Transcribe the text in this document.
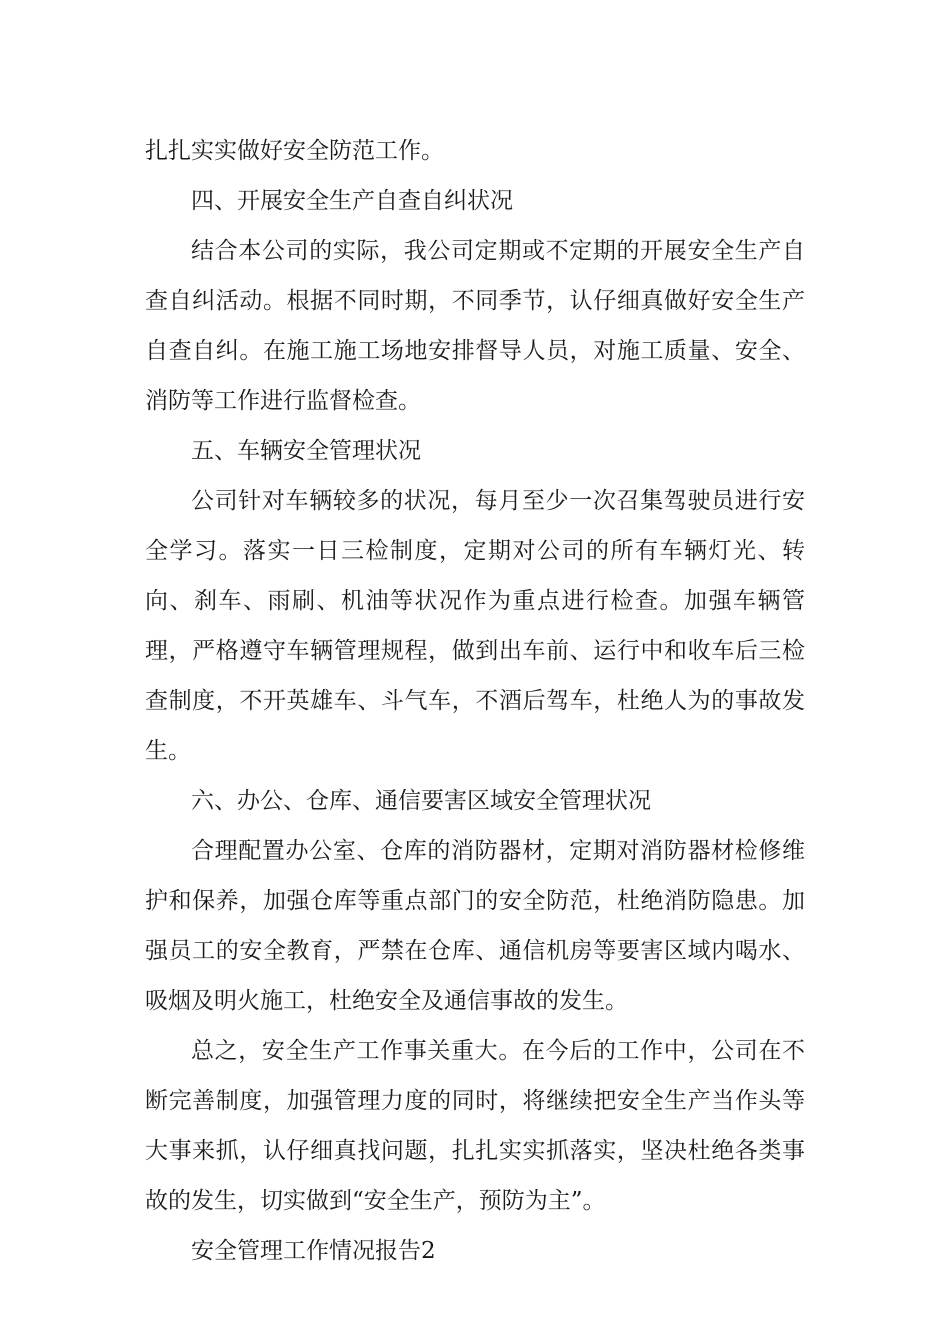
扎扎实实做好安全防范工作。

四、开展安全生产自查自纠状况

结合本公司的实际，我公司定期或不定期的开展安全生产自查自纠活动。根据不同时期，不同季节，认仔细真做好安全生产自查自纠。在施工施工场地安排督导人员，对施工质量、安全、消防等工作进行监督检查。

五、车辆安全管理状况

公司针对车辆较多的状况，每月至少一次召集驾驶员进行安全学习。落实一日三检制度，定期对公司的所有车辆灯光、转向、刹车、雨刷、机油等状况作为重点进行检查。加强车辆管理，严格遵守车辆管理规程，做到出车前、运行中和收车后三检查制度，不开英雄车、斗气车，不酒后驾车，杜绝人为的事故发生。

六、办公、仓库、通信要害区域安全管理状况

合理配置办公室、仓库的消防器材，定期对消防器材检修维护和保养，加强仓库等重点部门的安全防范，杜绝消防隐患。加强员工的安全教育，严禁在仓库、通信机房等要害区域内喝水、吸烟及明火施工，杜绝安全及通信事故的发生。

总之，安全生产工作事关重大。在今后的工作中，公司在不断完善制度，加强管理力度的同时，将继续把安全生产当作头等大事来抓，认仔细真找问题，扎扎实实抓落实，坚决杜绝各类事故的发生，切实做到“安全生产，预防为主”。

安全管理工作情况报告2
